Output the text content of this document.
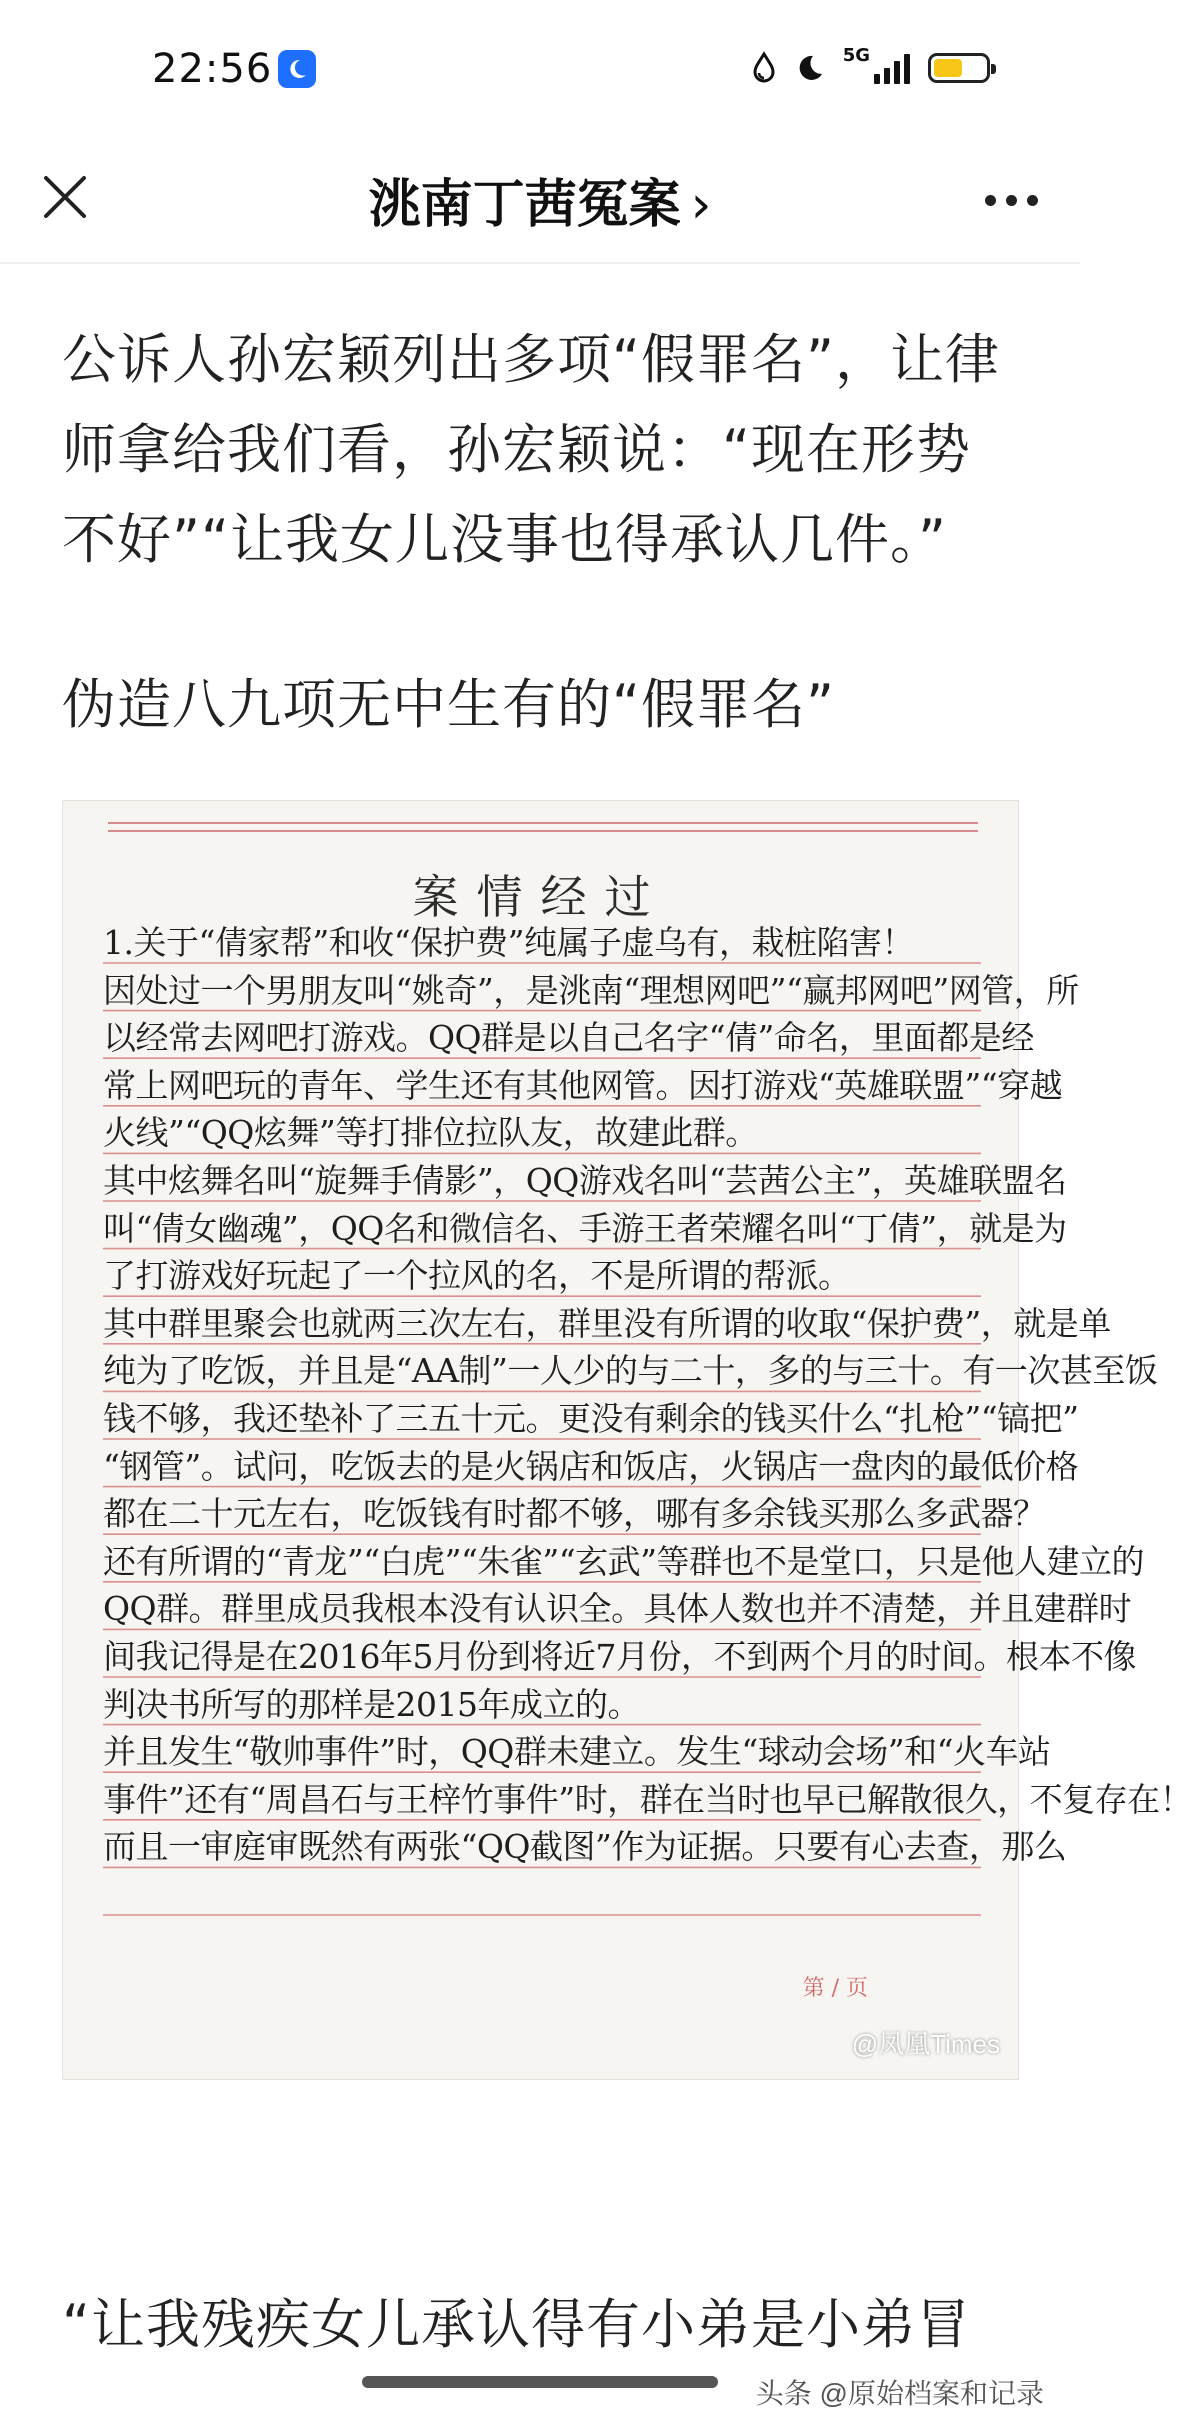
22:56	5G
洮南丁茜冤案 ›
公诉人孙宏颖列出多项“假罪名”，让律师拿给我们看，孙宏颖说：“现在形势不好”“让我女儿没事也得承认几件。”
伪造八九项无中生有的“假罪名”
案情经过
1.关于“倩家帮”和收“保护费”纯属子虚乌有，栽桩陷害！
因处过一个男朋友叫“姚奇”，是洮南“理想网吧”“赢邦网吧”网管，所
以经常去网吧打游戏。QQ群是以自己名字“倩”命名，里面都是经
常上网吧玩的青年、学生还有其他网管。因打游戏“英雄联盟”“穿越
火线”“QQ炫舞”等打排位拉队友，故建此群。
其中炫舞名叫“旋舞手倩影”，QQ游戏名叫“芸茜公主”，英雄联盟名
叫“倩女幽魂”，QQ名和微信名、手游王者荣耀名叫“丁倩”，就是为
了打游戏好玩起了一个拉风的名，不是所谓的帮派。
其中群里聚会也就两三次左右，群里没有所谓的收取“保护费”，就是单
纯为了吃饭，并且是“AA制”一人少的与二十，多的与三十。有一次甚至饭
钱不够，我还垫补了三五十元。更没有剩余的钱买什么“扎枪”“镐把”
“钢管”。试问，吃饭去的是火锅店和饭店，火锅店一盘肉的最低价格
都在二十元左右，吃饭钱有时都不够，哪有多余钱买那么多武器？
还有所谓的“青龙”“白虎”“朱雀”“玄武”等群也不是堂口，只是他人建立的
QQ群。群里成员我根本没有认识全。具体人数也并不清楚，并且建群时
间我记得是在2016年5月份到将近7月份，不到两个月的时间。根本不像
判决书所写的那样是2015年成立的。
并且发生“敬帅事件”时，QQ群未建立。发生“球动会场”和“火车站
事件”还有“周昌石与王梓竹事件”时，群在当时也早已解散很久，不复存在！
而且一审庭审既然有两张“QQ截图”作为证据。只要有心去查，那么
第 / 页
@凤凰Times
“让我残疾女儿承认得有小弟是小弟冒
头条 @原始档案和记录
